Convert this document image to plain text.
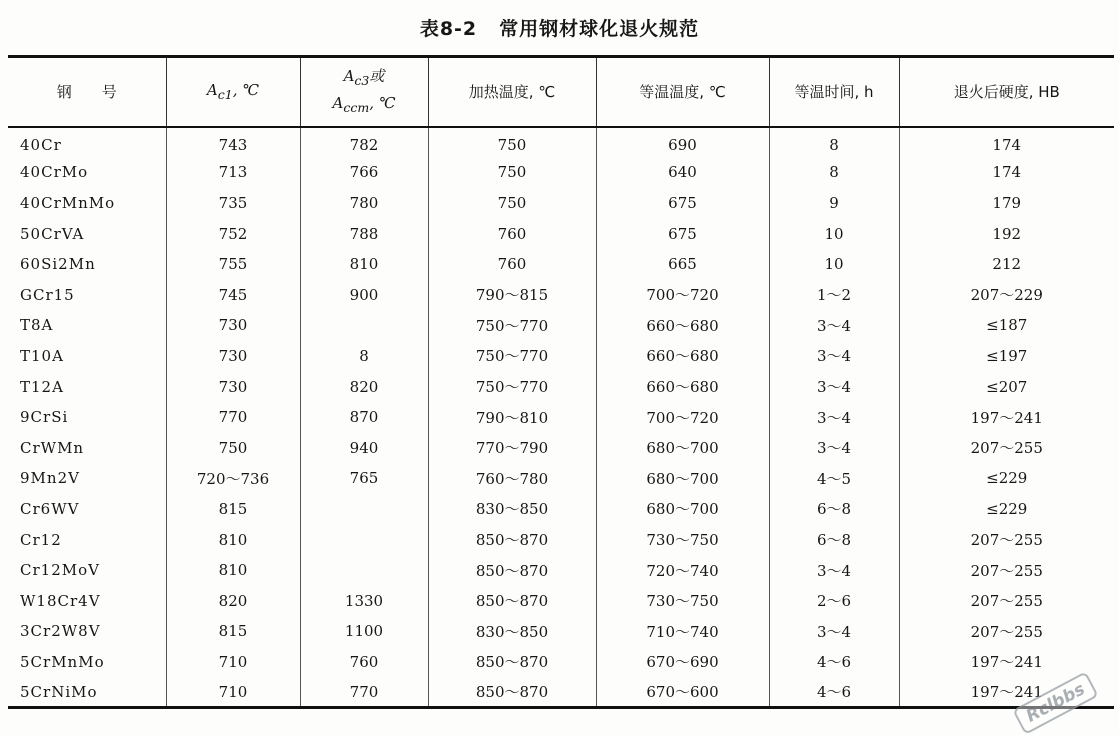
表8-2 常用钢材球化退火规范
钢　　号	$A_{c1}$, ℃	$A_{c3}$或
$A_{ccm}$, ℃	加热温度, ℃	等温温度, ℃	等温时间, h	退火后硬度, HB
40Cr	743	782	750	690	8	174
40CrMo	713	766	750	640	8	174
40CrMnMo	735	780	750	675	9	179
50CrVA	752	788	760	675	10	192
60Si2Mn	755	810	760	665	10	212
GCr15	745	900	790～815	700～720	1～2	207～229
T8A	730		750～770	660～680	3～4	≤187
T10A	730	8	750～770	660～680	3～4	≤197
T12A	730	820	750～770	660～680	3～4	≤207
9CrSi	770	870	790～810	700～720	3～4	197～241
CrWMn	750	940	770～790	680～700	3～4	207～255
9Mn2V	720～736	765	760～780	680～700	4～5	≤229
Cr6WV	815		830～850	680～700	6～8	≤229
Cr12	810		850～870	730～750	6～8	207～255
Cr12MoV	810		850～870	720～740	3～4	207～255
W18Cr4V	820	1330	850～870	730～750	2～6	207～255
3Cr2W8V	815	1100	830～850	710～740	3～4	207～255
5CrMnMo	710	760	850～870	670～690	4～6	197～241
5CrNiMo	710	770	850～870	670～600	4～6	197～241
Rclbbs
